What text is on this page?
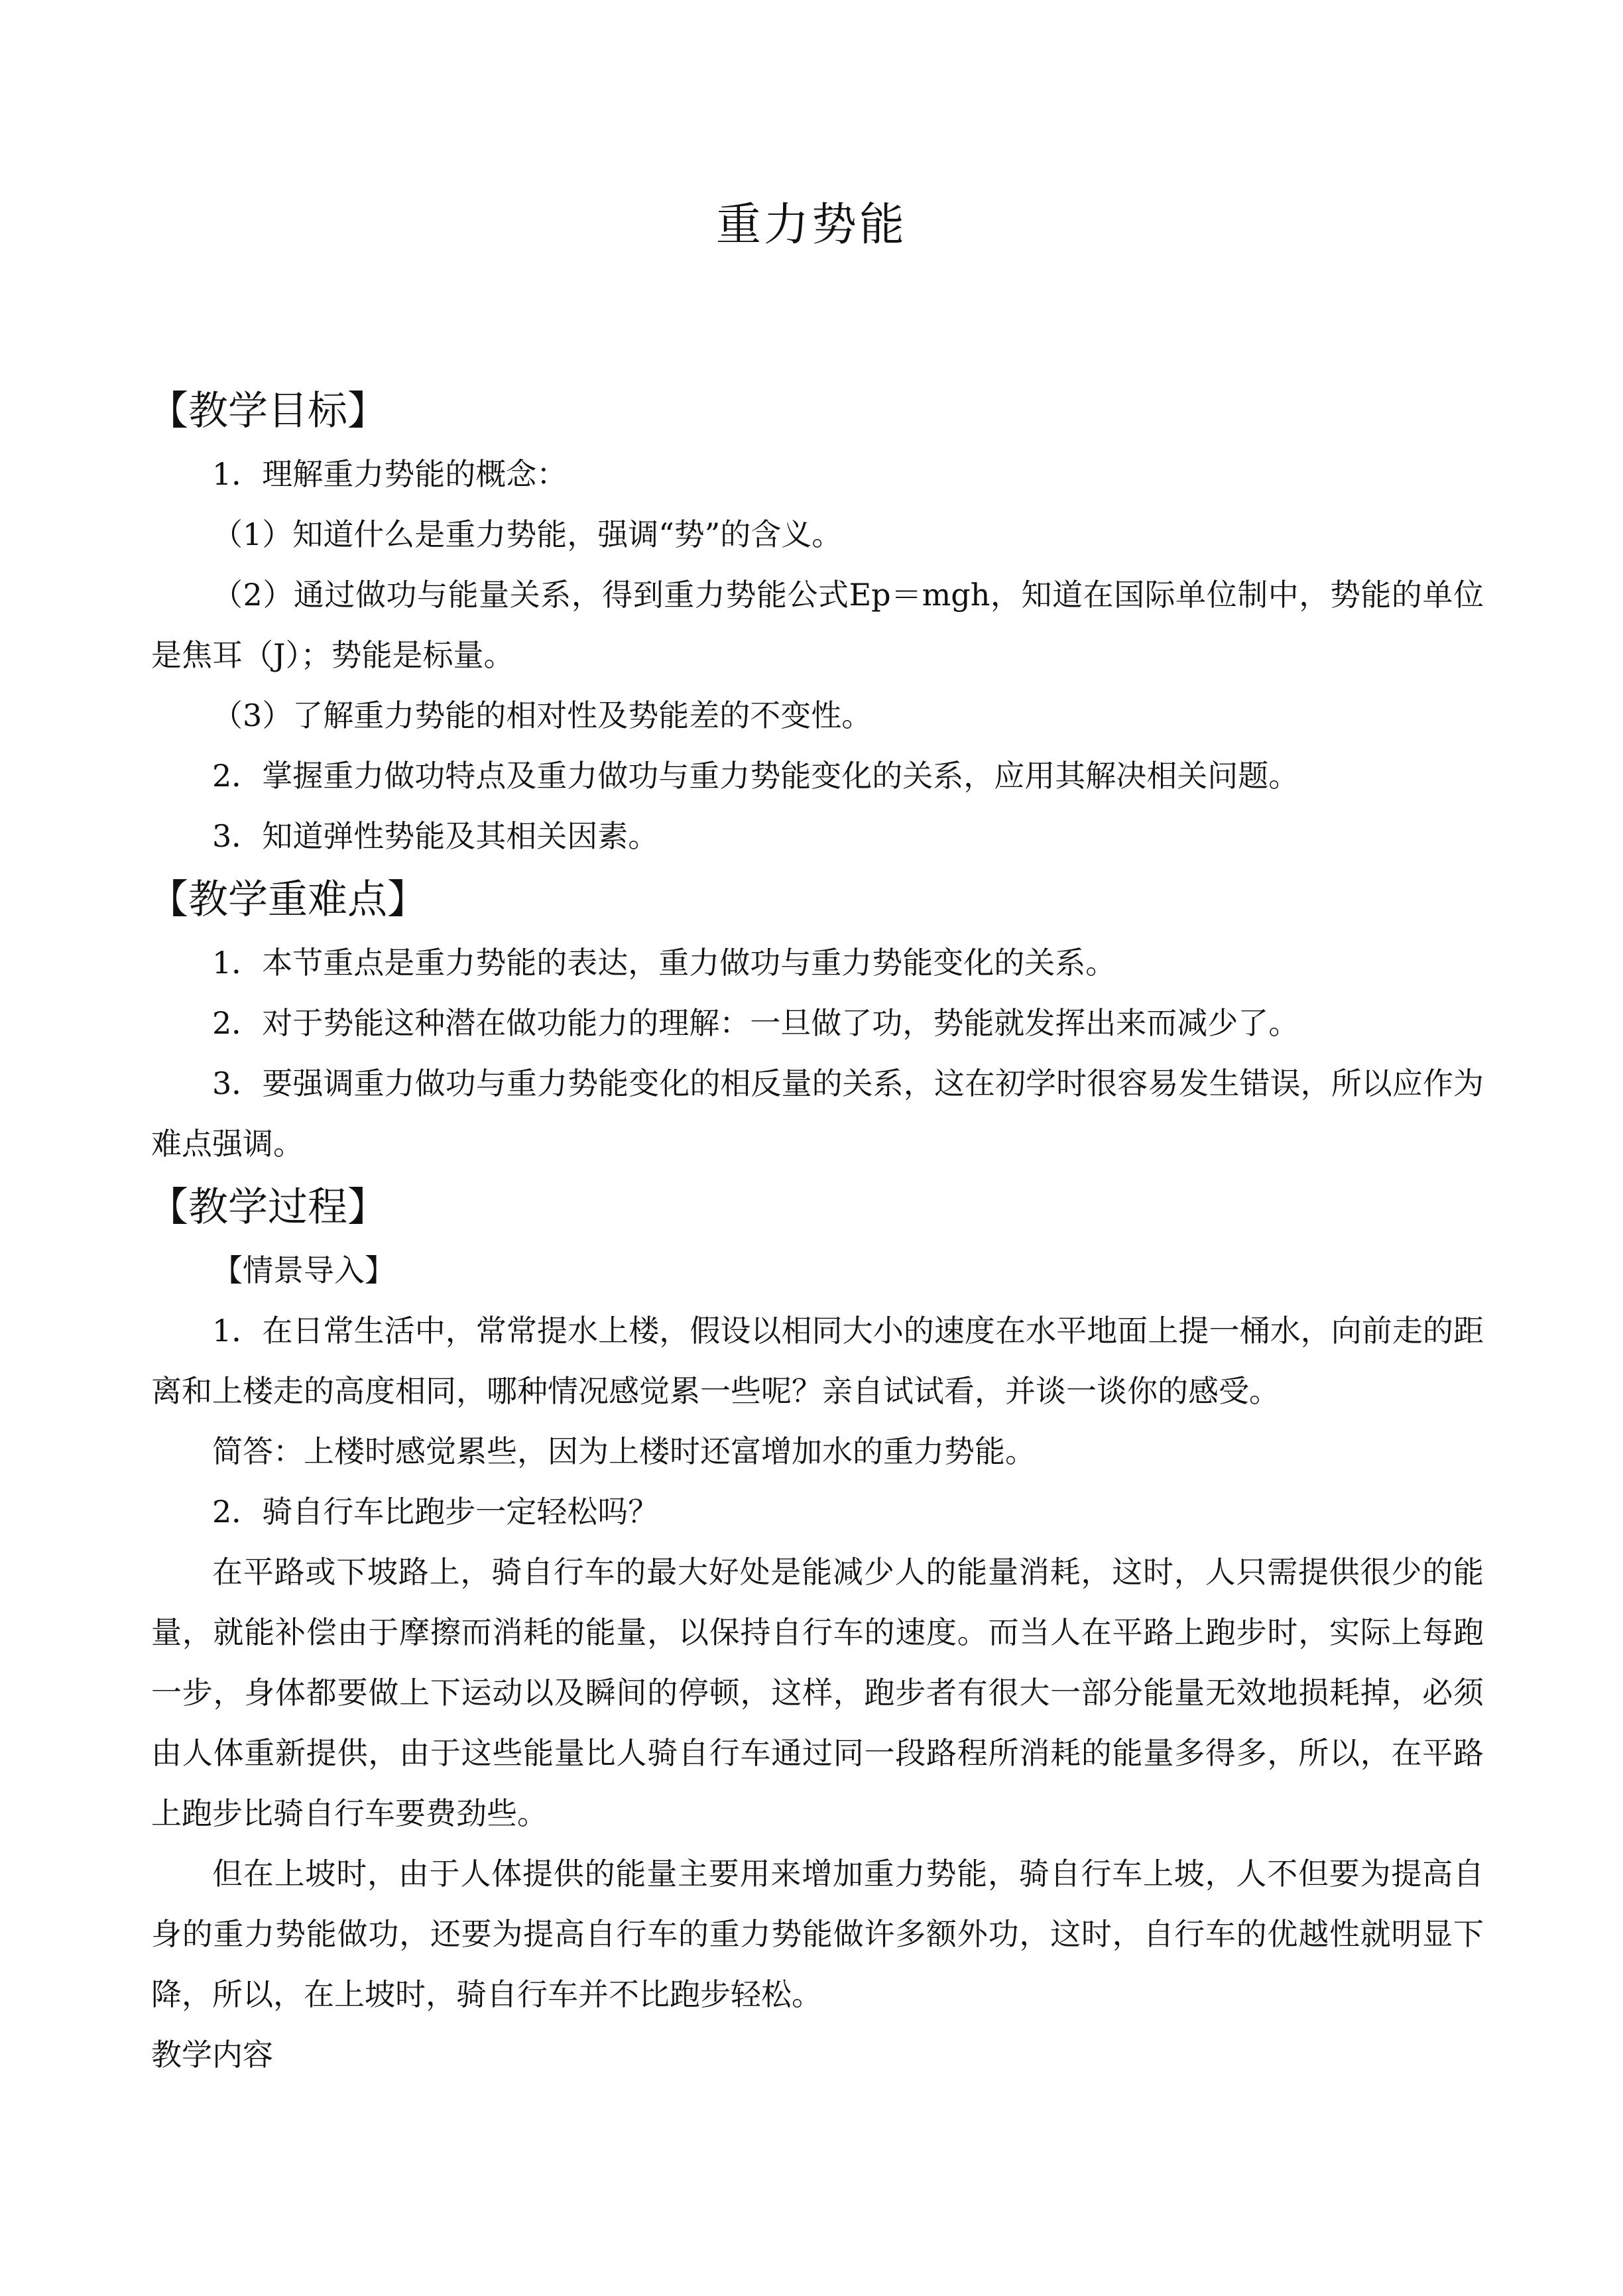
重力势能
【教学目标】

1．理解重力势能的概念：

（1）知道什么是重力势能，强调“势”的含义。

（2）通过做功与能量关系，得到重力势能公式Ep＝mgh，知道在国际单位制中，势能的单位是焦耳（J）；势能是标量。

（3）了解重力势能的相对性及势能差的不变性。

2．掌握重力做功特点及重力做功与重力势能变化的关系，应用其解决相关问题。

3．知道弹性势能及其相关因素。

【教学重难点】

1．本节重点是重力势能的表达，重力做功与重力势能变化的关系。

2．对于势能这种潜在做功能力的理解：一旦做了功，势能就发挥出来而减少了。

3．要强调重力做功与重力势能变化的相反量的关系，这在初学时很容易发生错误，所以应作为难点强调。

【教学过程】

【情景导入】

1．在日常生活中，常常提水上楼，假设以相同大小的速度在水平地面上提一桶水，向前走的距离和上楼走的高度相同，哪种情况感觉累一些呢？亲自试试看，并谈一谈你的感受。

简答：上楼时感觉累些，因为上楼时还富增加水的重力势能。

2．骑自行车比跑步一定轻松吗？

在平路或下坡路上，骑自行车的最大好处是能减少人的能量消耗，这时，人只需提供很少的能量，就能补偿由于摩擦而消耗的能量，以保持自行车的速度。而当人在平路上跑步时，实际上每跑一步，身体都要做上下运动以及瞬间的停顿，这样，跑步者有很大一部分能量无效地损耗掉，必须由人体重新提供，由于这些能量比人骑自行车通过同一段路程所消耗的能量多得多，所以，在平路上跑步比骑自行车要费劲些。

但在上坡时，由于人体提供的能量主要用来增加重力势能，骑自行车上坡，人不但要为提高自身的重力势能做功，还要为提高自行车的重力势能做许多额外功，这时，自行车的优越性就明显下降，所以，在上坡时，骑自行车并不比跑步轻松。

教学内容
